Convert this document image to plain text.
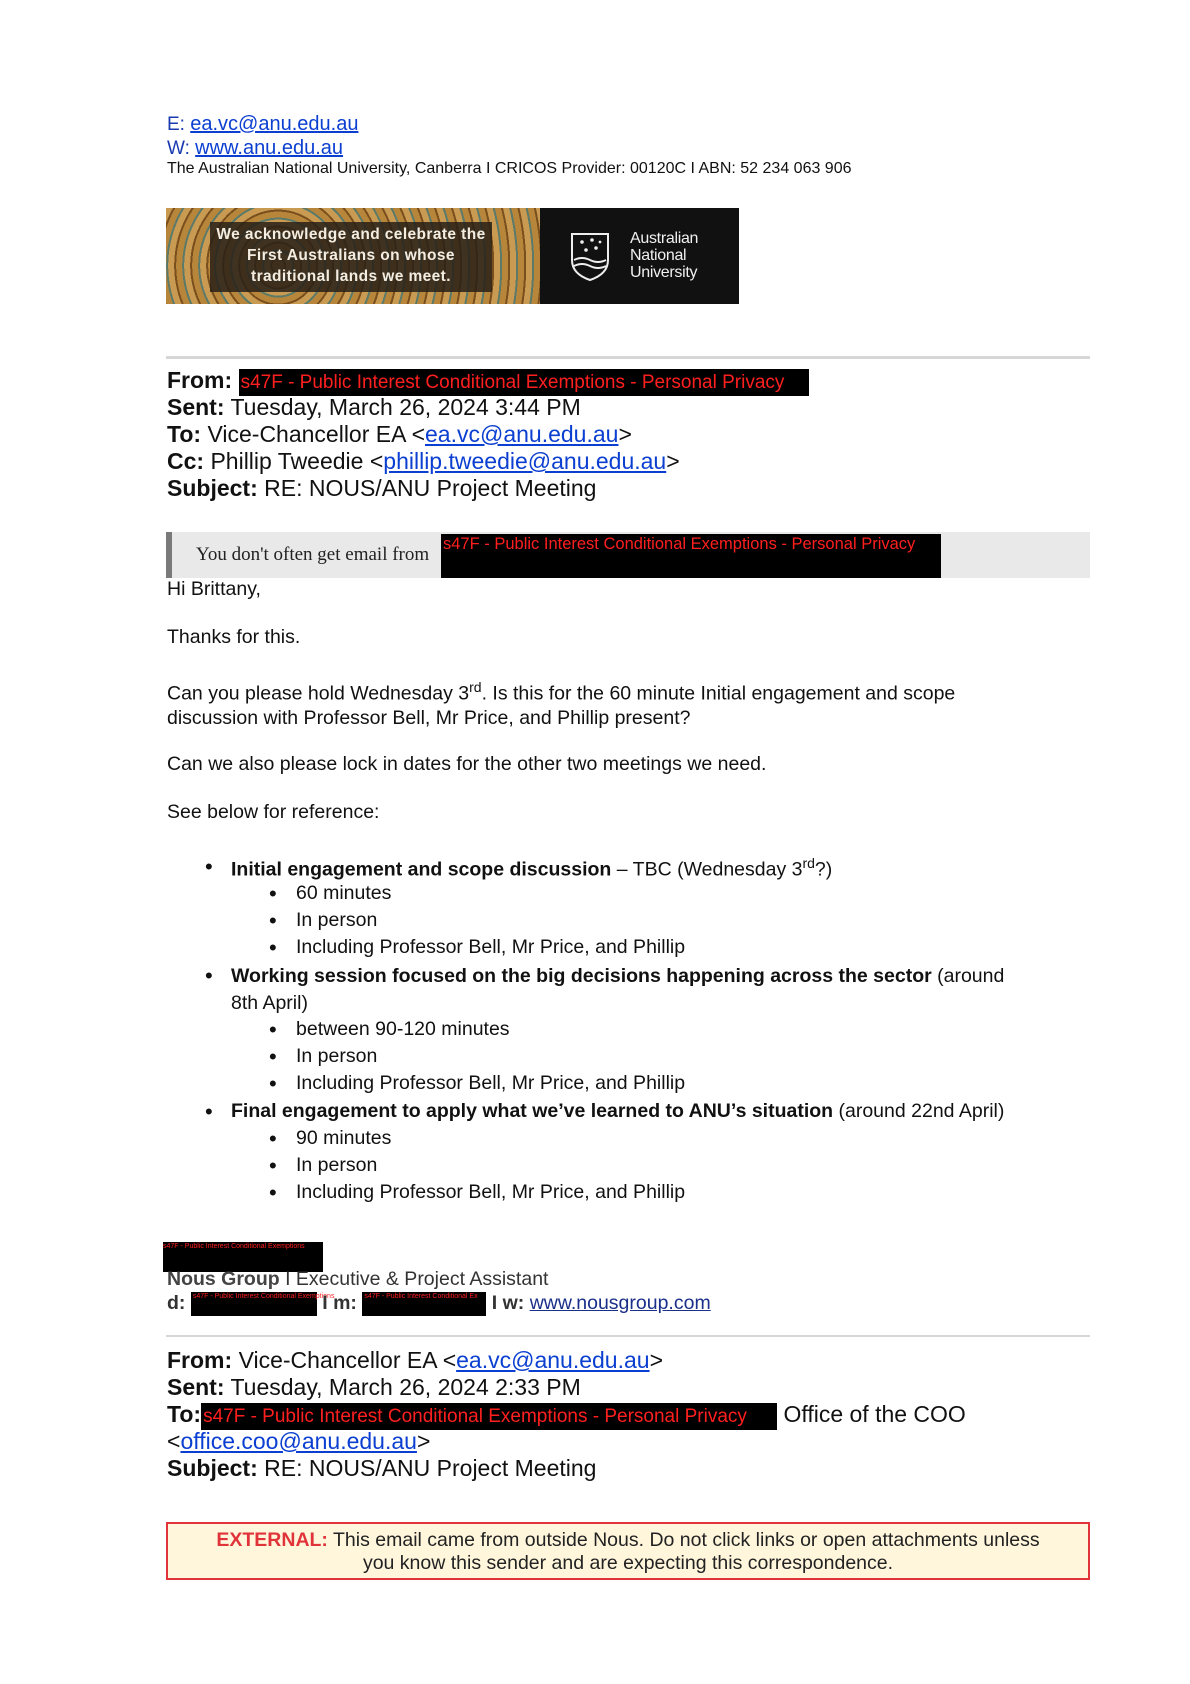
E: ea.vc@anu.edu.au
W: www.anu.edu.au
The Australian National University, Canberra I CRICOS Provider: 00120C I ABN: 52 234 063 906
We acknowledge and celebrate the First Australians on whose traditional lands we meet.
Australian
National
University
From: s47F - Public Interest Conditional Exemptions - Personal Privacy
Sent: Tuesday, March 26, 2024 3:44 PM
To: Vice-Chancellor EA <ea.vc@anu.edu.au>
Cc: Phillip Tweedie <phillip.tweedie@anu.edu.au>
Subject: RE: NOUS/ANU Project Meeting
You don't often get email from s47F - Public Interest Conditional Exemptions - Personal Privacy
Hi Brittany,
Thanks for this.
Can you please hold Wednesday 3rd. Is this for the 60 minute Initial engagement and scope
discussion with Professor Bell, Mr Price, and Phillip present?
Can we also please lock in dates for the other two meetings we need.
See below for reference:
• Initial engagement and scope discussion – TBC (Wednesday 3rd?)
• 60 minutes
• In person
• Including Professor Bell, Mr Price, and Phillip
• Working session focused on the big decisions happening across the sector (around
8th April)
• between 90-120 minutes
• In person
• Including Professor Bell, Mr Price, and Phillip
• Final engagement to apply what we’ve learned to ANU’s situation (around 22nd April)
• 90 minutes
• In person
• Including Professor Bell, Mr Price, and Phillip
s47F - Public Interest Conditional Exemptions
Nous Group I Executive & Project Assistant
d: s47F - Public Interest Conditional Exemptions I m: s47F - Public Interest Conditional Ex I w: www.nousgroup.com
From: Vice-Chancellor EA <ea.vc@anu.edu.au>
Sent: Tuesday, March 26, 2024 2:33 PM
To: s47F - Public Interest Conditional Exemptions - Personal Privacy Office of the COO
<office.coo@anu.edu.au>
Subject: RE: NOUS/ANU Project Meeting
EXTERNAL: This email came from outside Nous. Do not click links or open attachments unless
you know this sender and are expecting this correspondence.
